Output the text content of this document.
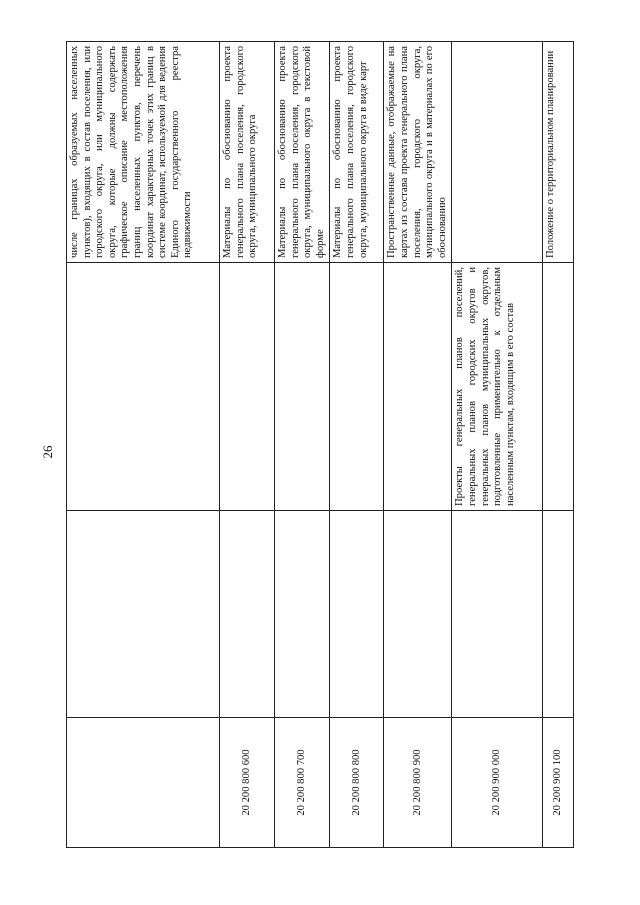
26
			числе границах образуемых населенных пунктов), входящих в состав поселения, или городского округа, или муниципального округа, которые должны содержать графическое описание местоположения границ населенных пунктов, перечень координат характерных точек этих границ в системе координат, используемой для ведения Единого государственного реестра недвижимости
20 200 800 600			Материалы по обоснованию проекта генерального плана поселения, городского округа, муниципального округа
20 200 800 700			Материалы по обоснованию проекта генерального плана поселения, городского округа, муниципального округа в текстовой форме
20 200 800 800			Материалы по обоснованию проекта генерального плана поселения, городского округа, муниципального округа в виде карт
20 200 800 900			Пространственные данные, отображаемые на картах из состава проекта генерального плана поселения, городского округа, муниципального округа и в материалах по его обоснованию
20 200 900 000		Проекты генеральных планов поселений, генеральных планов городских округов и генеральных планов муниципальных округов, подготовленные применительно к отдельным населенным пунктам, входящим в его состав	
20 200 900 100			Положение о территориальном планировании
